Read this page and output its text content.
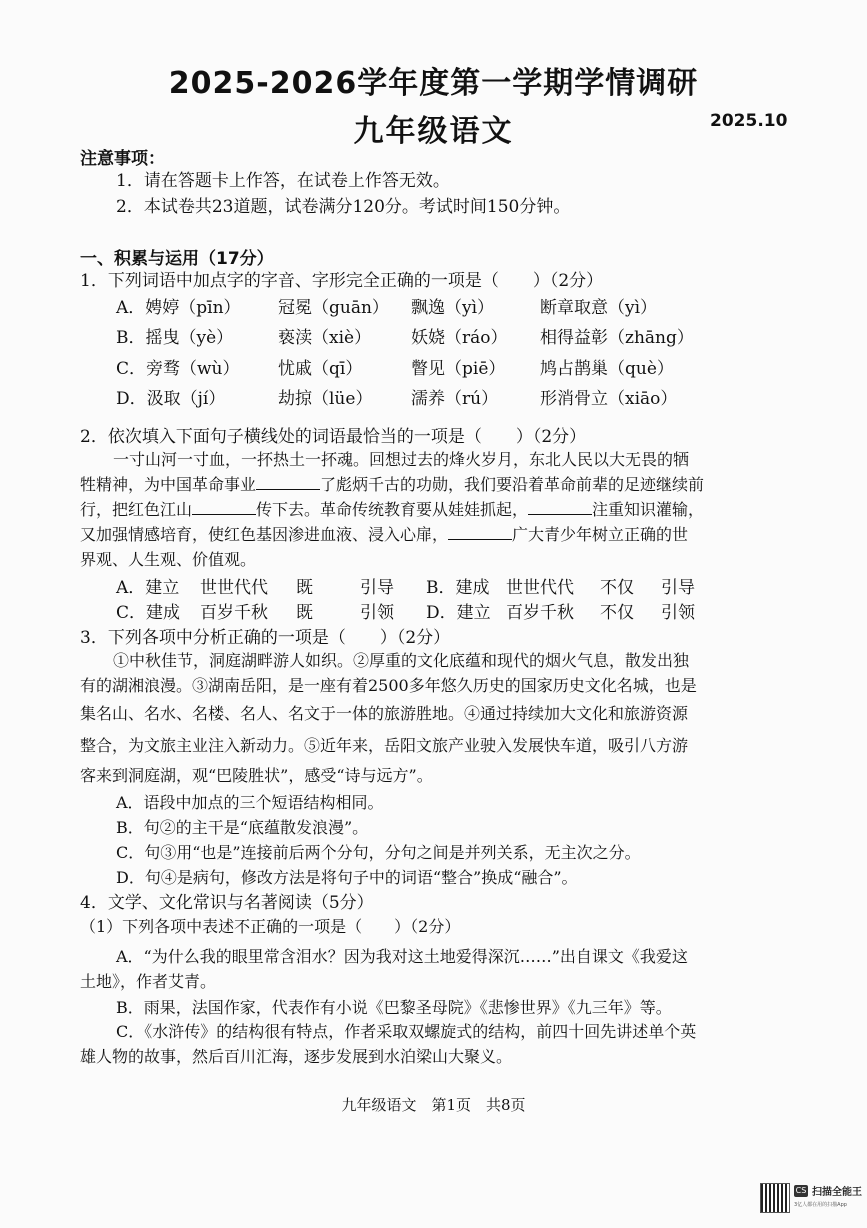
2025-2026学年度第一学期学情调研
九年级语文	2025.10
注意事项：
1．请在答题卡上作答，在试卷上作答无效。
2．本试卷共23道题，试卷满分120分。考试时间150分钟。
一、积累与运用（17分）
1．下列词语中加点字的字音、字形完全正确的一项是（　　）（2分）
A．娉婷（pīn） 冠冕（guān） 飘逸（yì）	断章取意（yì）
B．摇曳（yè）	亵渎（xiè） 妖娆（ráo） 相得益彰（zhāng）
C．旁骛（wù） 忧戚（qī）	瞥见（piē） 鸠占鹊巢（què）
D．汲取（jí）	劫掠（lüe） 濡养（rú） 形消骨立（xiāo）
2．依次填入下面句子横线处的词语最恰当的一项是（　　）（2分）
一寸山河一寸血，一抔热土一抔魂。回想过去的烽火岁月，东北人民以大无畏的牺
牲精神，为中国革命事业	了彪炳千古的功勋，我们要沿着革命前辈的足迹继续前
行，把红色江山	传下去。革命传统教育要从娃娃抓起，	注重知识灌输，
又加强情感培育，使红色基因渗进血液、浸入心扉，	广大青少年树立正确的世
界观、人生观、价值观。
A．建立 世世代代 既	引导 B．建成 世世代代 不仅 引导
C．建成 百岁千秋 既	引领 D．建立 百岁千秋 不仅 引领
3．下列各项中分析正确的一项是（　　）（2分）
①中秋佳节，洞庭湖畔游人如织。②厚重的文化底蕴和现代的烟火气息，散发出独
有的湖湘浪漫。③湖南岳阳，是一座有着2500多年悠久历史的国家历史文化名城，也是
集名山、名水、名楼、名人、名文于一体的旅游胜地。④通过持续加大文化和旅游资源
整合，为文旅主业注入新动力。⑤近年来，岳阳文旅产业驶入发展快车道，吸引八方游
客来到洞庭湖，观“巴陵胜状”，感受“诗与远方”。
A．语段中加点的三个短语结构相同。
B．句②的主干是“底蕴散发浪漫”。
C．句③用“也是”连接前后两个分句，分句之间是并列关系，无主次之分。
D．句④是病句，修改方法是将句子中的词语“整合”换成“融合”。
4．文学、文化常识与名著阅读（5分）
（1）下列各项中表述不正确的一项是（　　）（2分）
A．“为什么我的眼里常含泪水？因为我对这土地爱得深沉……”出自课文《我爱这
土地》，作者艾青。
B．雨果，法国作家，代表作有小说《巴黎圣母院》《悲惨世界》《九三年》等。
C．《水浒传》的结构很有特点，作者采取双螺旋式的结构，前四十回先讲述单个英
雄人物的故事，然后百川汇海，逐步发展到水泊梁山大聚义。
九年级语文　第1页　共8页
CS 扫描全能王
3亿人都在用的扫描App
